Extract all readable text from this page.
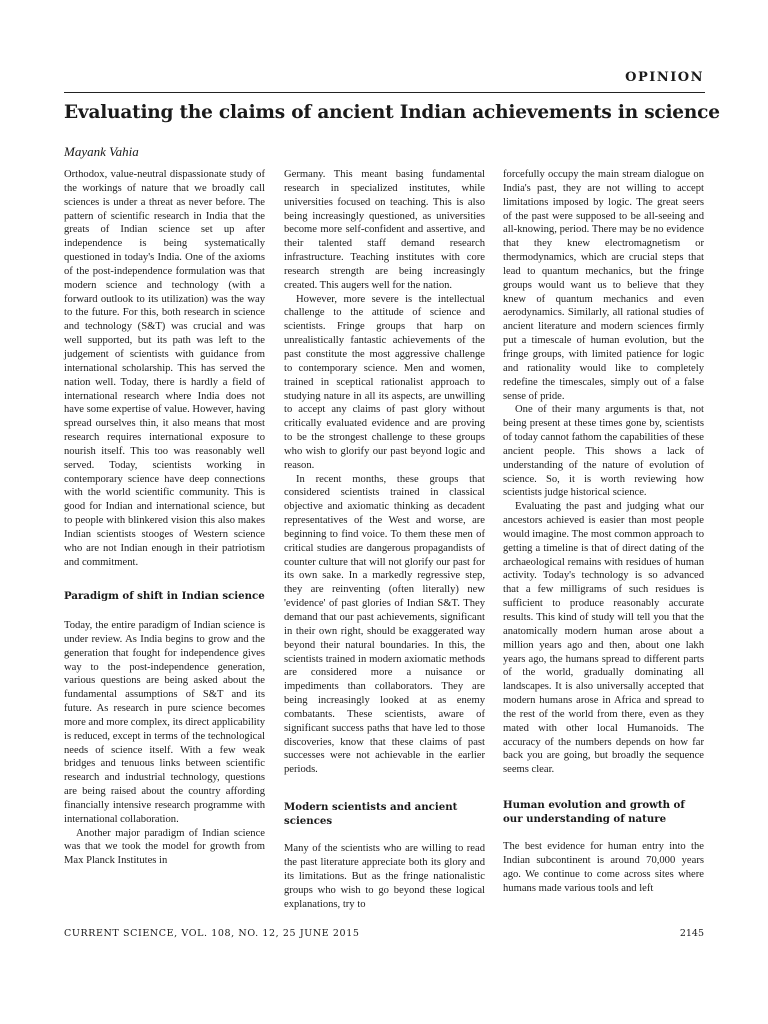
OPINION
Evaluating the claims of ancient Indian achievements in science
Mayank Vahia

Orthodox, value-neutral dispassionate study of the workings of nature that we broadly call sciences is under a threat as never before. The pattern of scientific research in India that the greats of Indian science set up after independence is being systematically questioned in today's India. One of the axioms of the post-independence formulation was that modern science and technology (with a forward outlook to its utilization) was the way to the future. For this, both research in science and technology (S&T) was crucial and was well supported, but its path was left to the judgement of scientists with guidance from international scholarship. This has served the nation well. Today, there is hardly a field of international research where India does not have some expertise of value. However, having spread ourselves thin, it also means that most research requires international exposure to nourish itself. This too was reasonably well served. Today, scientists working in contemporary science have deep connections with the world scientific community. This is good for Indian and international science, but to people with blinkered vision this also makes Indian scientists stooges of Western science who are not Indian enough in their patriotism and commitment.

Paradigm of shift in Indian science

Today, the entire paradigm of Indian science is under review. As India begins to grow and the generation that fought for independence gives way to the post-independence generation, various questions are being asked about the fundamental assumptions of S&T and its future. As research in pure science becomes more and more complex, its direct applicability is reduced, except in terms of the technological needs of science itself. With a few weak bridges and tenuous links between scientific research and industrial technology, questions are being raised about the country affording financially intensive research programme with international collaboration.

Another major paradigm of Indian science was that we took the model for growth from Max Planck Institutes in

Germany. This meant basing fundamental research in specialized institutes, while universities focused on teaching. This is also being increasingly questioned, as universities become more self-confident and assertive, and their talented staff demand research infrastructure. Teaching institutes with core research strength are being increasingly created. This augers well for the nation.

However, more severe is the intellectual challenge to the attitude of science and scientists. Fringe groups that harp on unrealistically fantastic achievements of the past constitute the most aggressive challenge to contemporary science. Men and women, trained in sceptical rationalist approach to studying nature in all its aspects, are unwilling to accept any claims of past glory without critically evaluated evidence and are proving to be the strongest challenge to these groups who wish to glorify our past beyond logic and reason.

In recent months, these groups that considered scientists trained in classical objective and axiomatic thinking as decadent representatives of the West and worse, are beginning to find voice. To them these men of critical studies are dangerous propagandists of counter culture that will not glorify our past for its own sake. In a markedly regressive step, they are reinventing (often literally) new 'evidence' of past glories of Indian S&T. They demand that our past achievements, significant in their own right, should be exaggerated way beyond their natural boundaries. In this, the scientists trained in modern axiomatic methods are considered more a nuisance or impediments than collaborators. They are being increasingly looked at as enemy combatants. These scientists, aware of significant success paths that have led to those discoveries, know that these claims of past successes were not achievable in the earlier periods.

Modern scientists and ancient sciences

Many of the scientists who are willing to read the past literature appreciate both its glory and its limitations. But as the fringe nationalistic groups who wish to go beyond these logical explanations, try to

forcefully occupy the main stream dialogue on India's past, they are not willing to accept limitations imposed by logic. The great seers of the past were supposed to be all-seeing and all-knowing, period. There may be no evidence that they knew electromagnetism or thermodynamics, which are crucial steps that lead to quantum mechanics, but the fringe groups would want us to believe that they knew of quantum mechanics and even aerodynamics. Similarly, all rational studies of ancient literature and modern sciences firmly put a timescale of human evolution, but the fringe groups, with limited patience for logic and rationality would like to completely redefine the timescales, simply out of a false sense of pride.

One of their many arguments is that, not being present at these times gone by, scientists of today cannot fathom the capabilities of these ancient people. This shows a lack of understanding of the nature of evolution of science. So, it is worth reviewing how scientists judge historical science.

Evaluating the past and judging what our ancestors achieved is easier than most people would imagine. The most common approach to getting a timeline is that of direct dating of the archaeological remains with residues of human activity. Today's technology is so advanced that a few milligrams of such residues is sufficient to produce reasonably accurate results. This kind of study will tell you that the anatomically modern human arose about a million years ago and then, about one lakh years ago, the humans spread to different parts of the world, gradually dominating all landscapes. It is also universally accepted that modern humans arose in Africa and spread to the rest of the world from there, even as they mated with other local Humanoids. The accuracy of the numbers depends on how far back you are going, but broadly the sequence seems clear.

Human evolution and growth of our understanding of nature

The best evidence for human entry into the Indian subcontinent is around 70,000 years ago. We continue to come across sites where humans made various tools and left

CURRENT SCIENCE, VOL. 108, NO. 12, 25 JUNE 2015	2145
